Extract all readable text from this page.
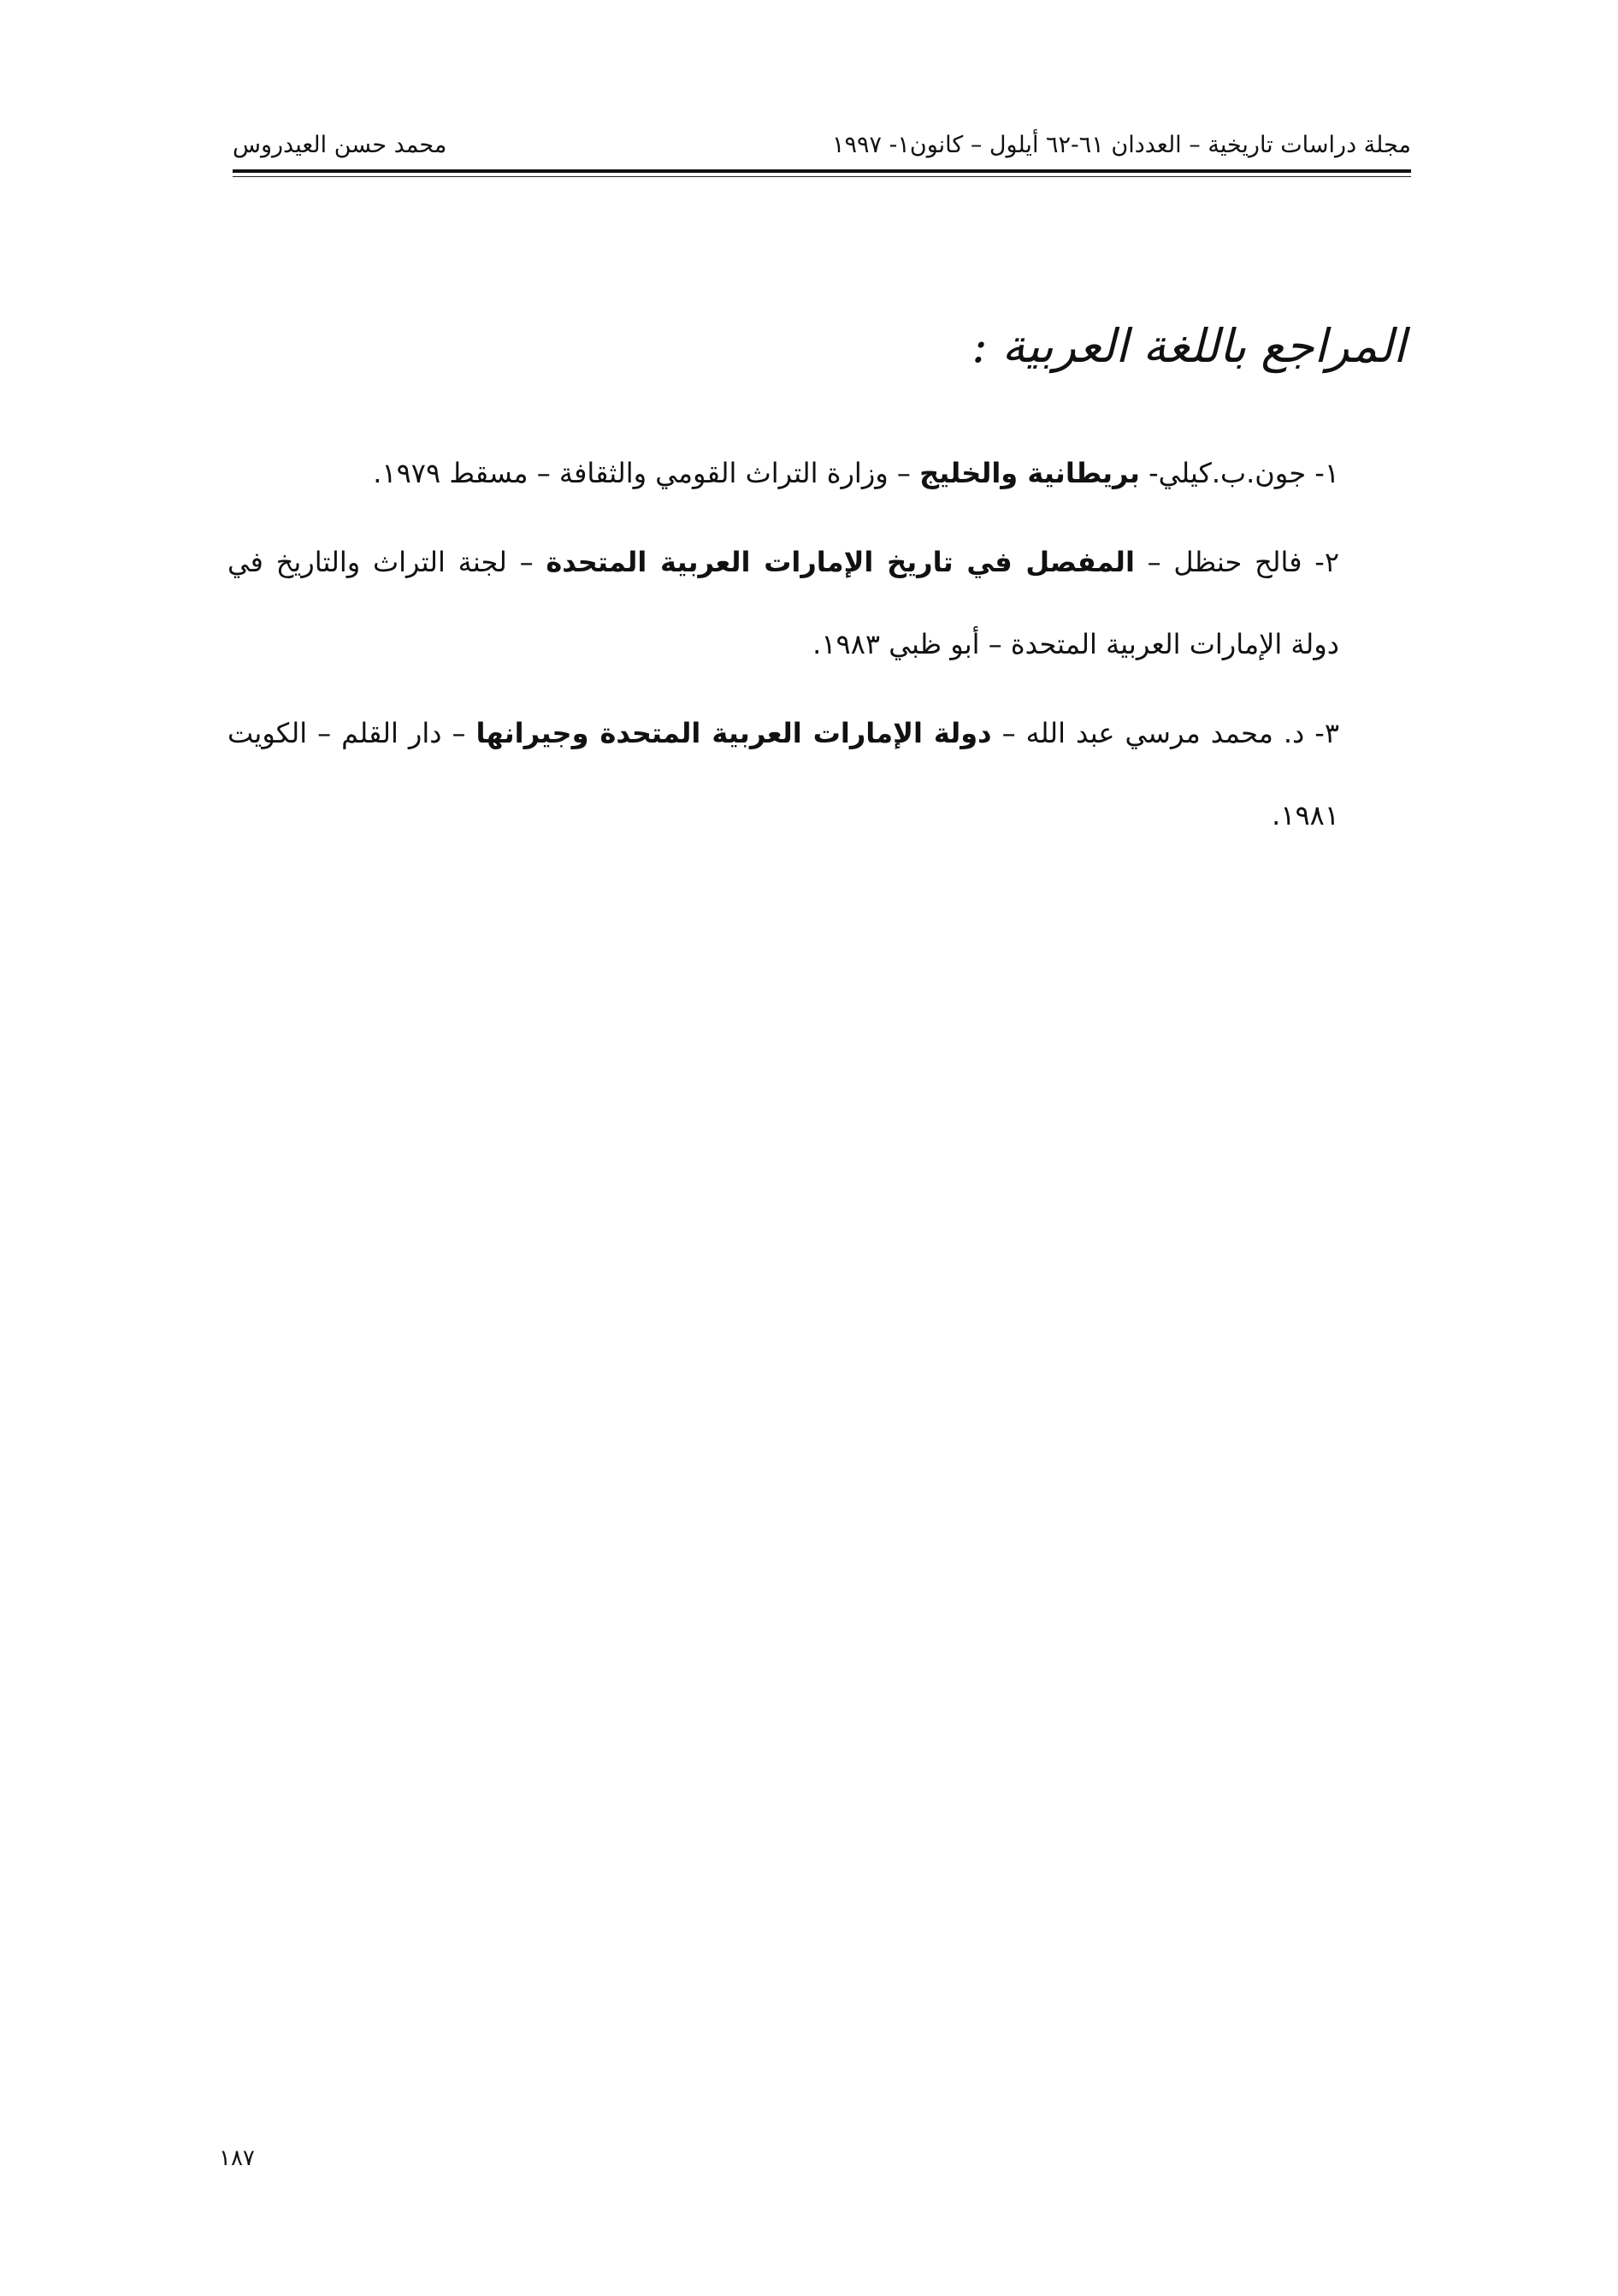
مجلة دراسات تاريخية – العددان ٦١-٦٢ أيلول – كانون١- ١٩٩٧
محمد حسن العيدروس
المراجع باللغة العربية :

١- جون.ب.كيلي- بريطانية والخليج – وزارة التراث القومي والثقافة – مسقط ١٩٧٩.

٢- فالح حنظل – المفصل في تاريخ الإمارات العربية المتحدة – لجنة التراث والتاريخ في دولة الإمارات العربية المتحدة – أبو ظبي ١٩٨٣.

٣- د. محمد مرسي عبد الله – دولة الإمارات العربية المتحدة وجيرانها – دار القلم – الكويت ١٩٨١.

١٨٧
